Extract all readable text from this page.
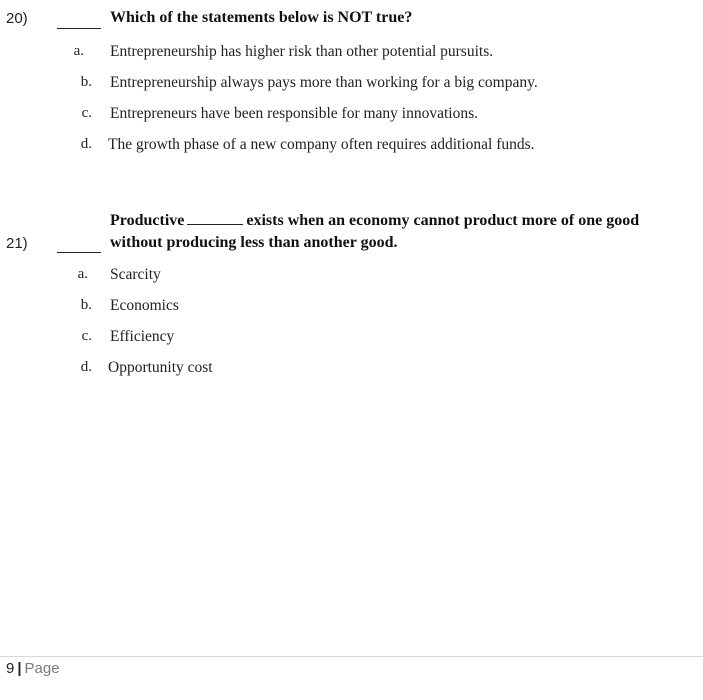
20)	Which of the statements below is NOT true?
a. Entrepreneurship has higher risk than other potential pursuits.
b. Entrepreneurship always pays more than working for a big company.
c. Entrepreneurs have been responsible for many innovations.
d. The growth phase of a new company often requires additional funds.
Productive	exists when an economy cannot product more of one good
21)	without producing less than another good.
a. Scarcity
b. Economics
c. Efficiency
d. Opportunity cost
9 | Page
